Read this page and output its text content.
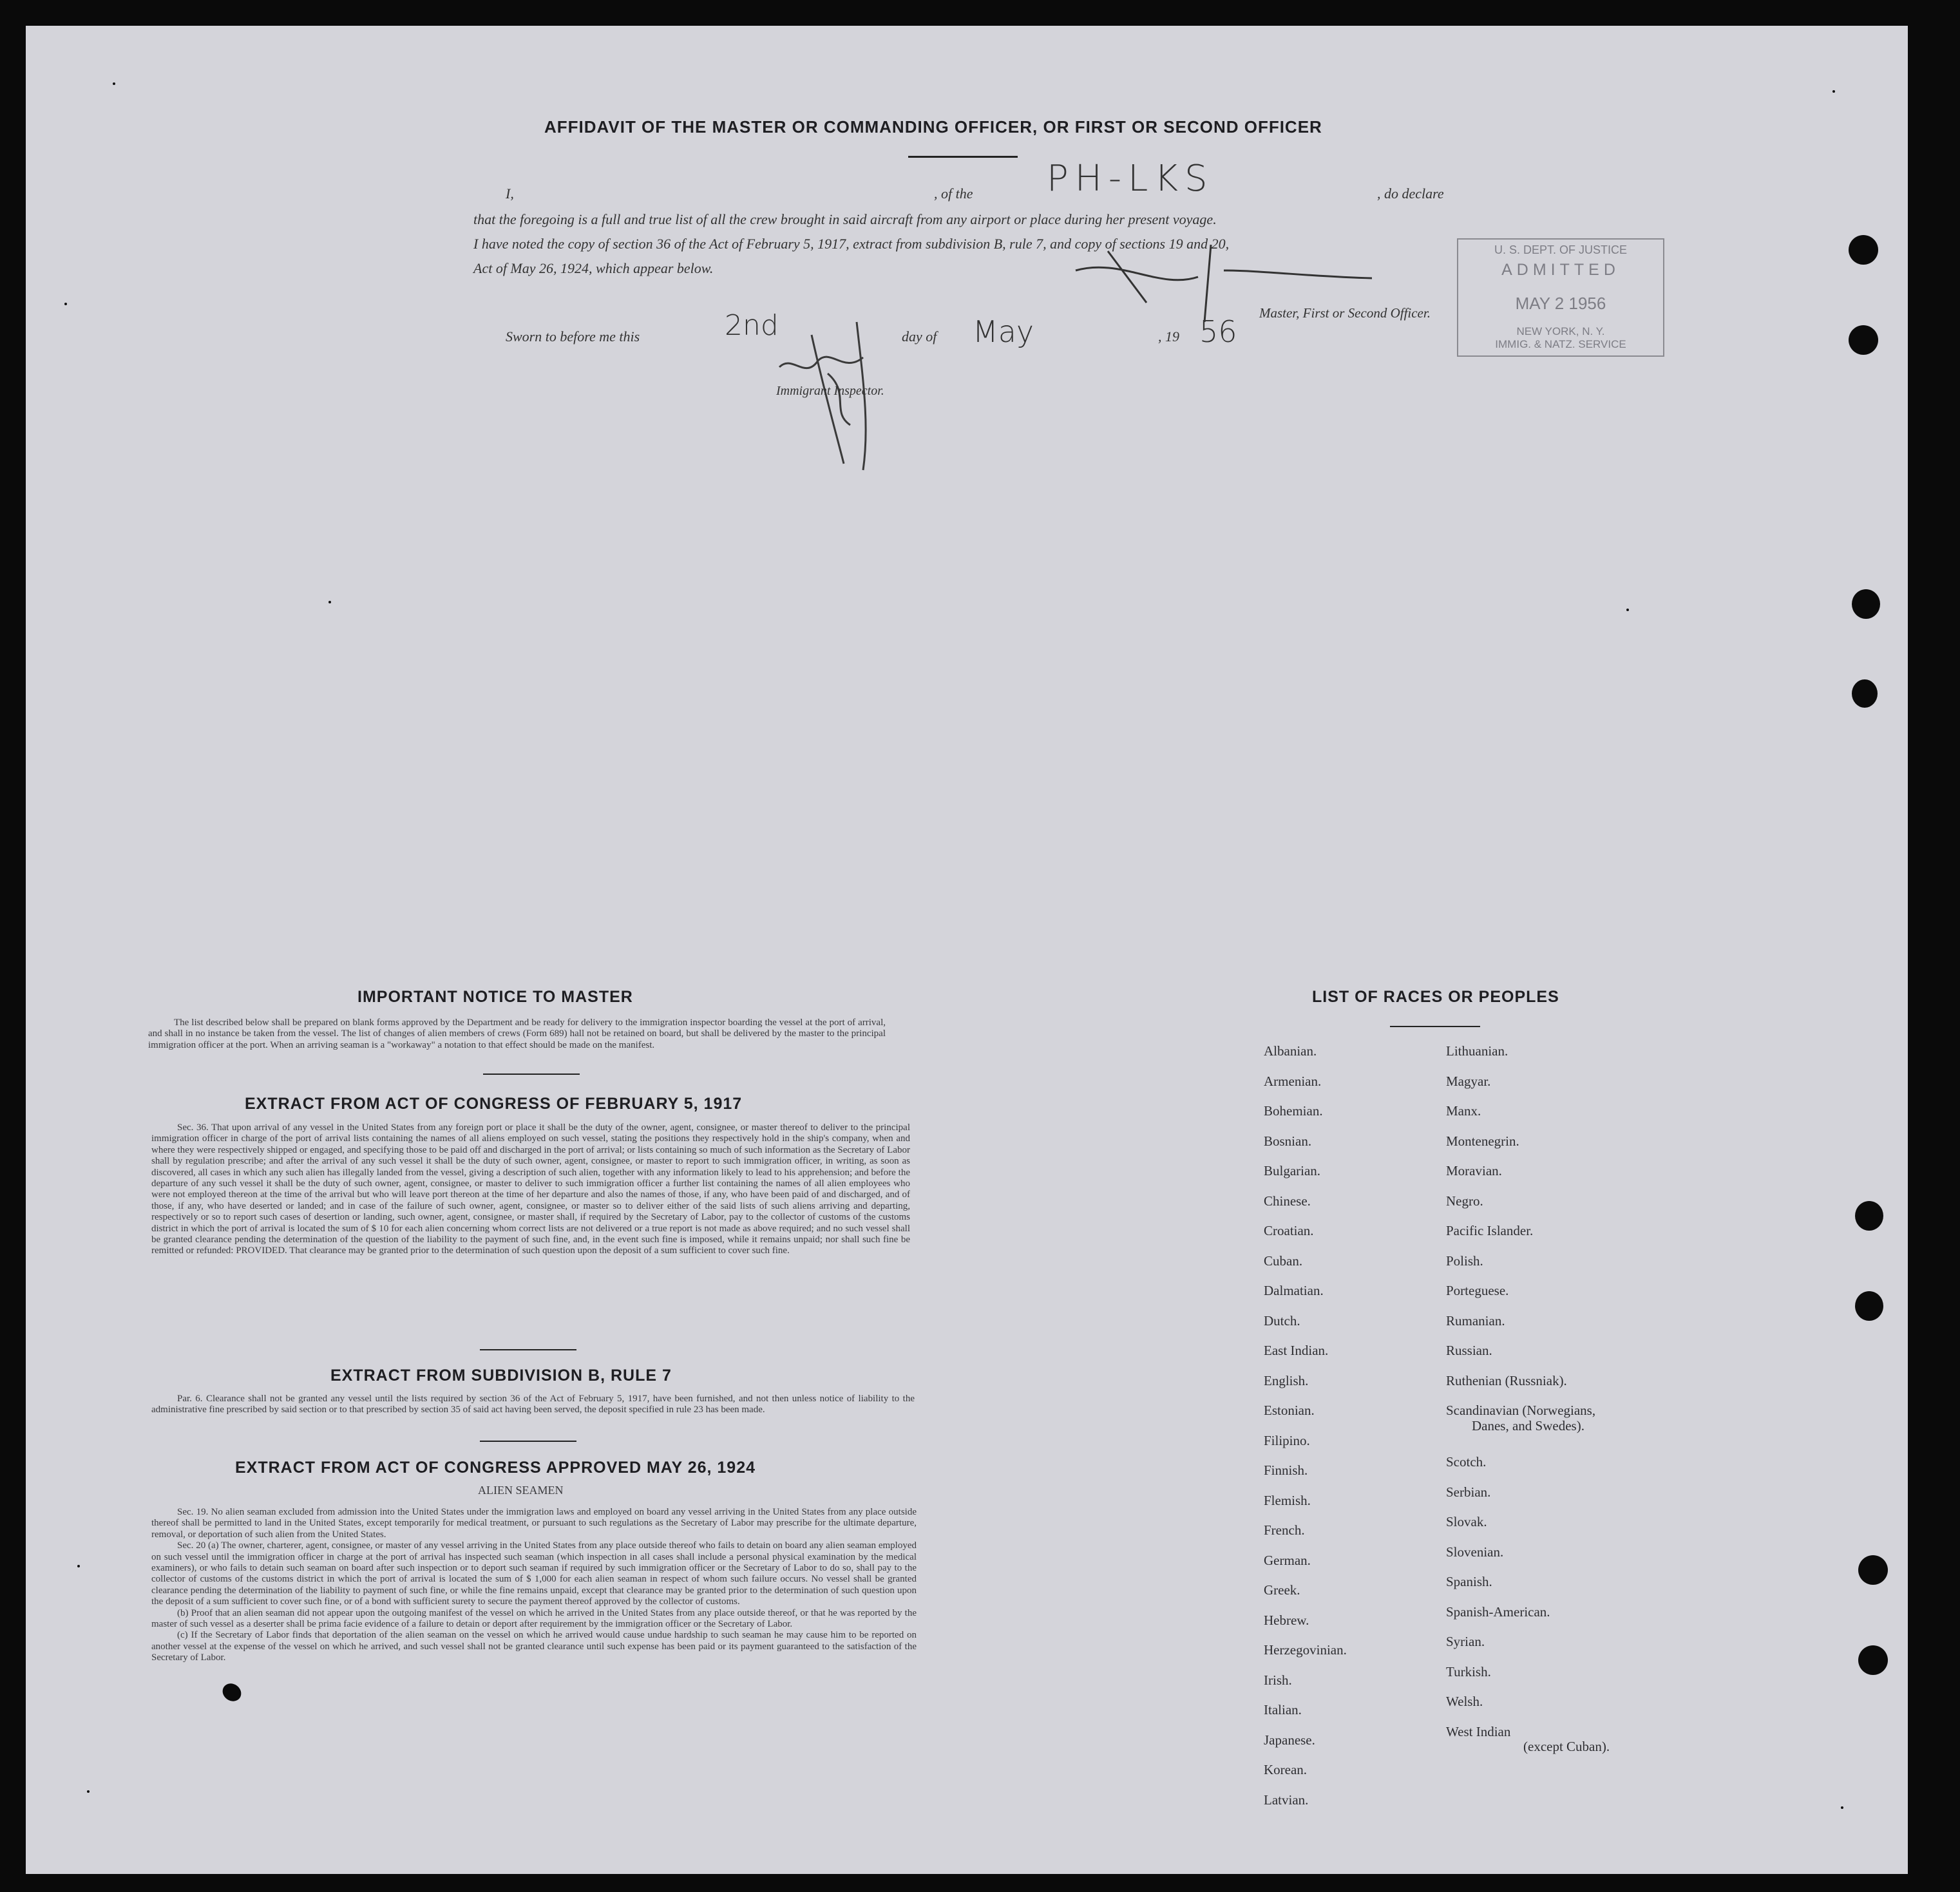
AFFIDAVIT OF THE MASTER OR COMMANDING OFFICER, OR FIRST OR SECOND OFFICER
I,	, of the PH-LKS	, do declare
that the foregoing is a full and true list of all the crew brought in said aircraft from any airport or place during her present voyage.
I have noted the copy of section 36 of the Act of February 5, 1917, extract from subdivision B, rule 7, and copy of sections 19 and 20,
Act of May 26, 1924, which appear below.
Master, First or Second Officer.
Sworn to before me this	2nd	day of May	, 19 56
Immigrant Inspector.
U. S. DEPT. OF JUSTICE
ADMITTED
MAY 2 1956
NEW YORK, N. Y.
IMMIG. & NATZ. SERVICE
IMPORTANT NOTICE TO MASTER

The list described below shall be prepared on blank forms approved by the Department and be ready for delivery to the immigration inspector boarding the vessel at the port of arrival, and shall in no instance be taken from the vessel. The list of changes of alien members of crews (Form 689) hall not be retained on board, but shall be delivered by the master to the principal immigration officer at the port. When an arriving seaman is a "workaway" a notation to that effect should be made on the manifest.

EXTRACT FROM ACT OF CONGRESS OF FEBRUARY 5, 1917

Sec. 36. That upon arrival of any vessel in the United States from any foreign port or place it shall be the duty of the owner, agent, consignee, or master thereof to deliver to the principal immigration officer in charge of the port of arrival lists containing the names of all aliens employed on such vessel, stating the positions they respectively hold in the ship's company, when and where they were respectively shipped or engaged, and specifying those to be paid off and discharged in the port of arrival; or lists containing so much of such information as the Secretary of Labor shall by regulation prescribe; and after the arrival of any such vessel it shall be the duty of such owner, agent, consignee, or master to report to such immigration officer, in writing, as soon as discovered, all cases in which any such alien has illegally landed from the vessel, giving a description of such alien, together with any information likely to lead to his apprehension; and before the departure of any such vessel it shall be the duty of such owner, agent, consignee, or master to deliver to such immigration officer a further list containing the names of all alien employees who were not employed thereon at the time of the arrival but who will leave port thereon at the time of her departure and also the names of those, if any, who have been paid of and discharged, and of those, if any, who have deserted or landed; and in case of the failure of such owner, agent, consignee, or master so to deliver either of the said lists of such aliens arriving and departing, respectively or so to report such cases of desertion or landing, such owner, agent, consignee, or master shall, if required by the Secretary of Labor, pay to the collector of customs of the customs district in which the port of arrival is located the sum of $ 10 for each alien concerning whom correct lists are not delivered or a true report is not made as above required; and no such vessel shall be granted clearance pending the determination of the question of the liability to the payment of such fine, and, in the event such fine is imposed, while it remains unpaid; nor shall such fine be remitted or refunded: PROVIDED. That clearance may be granted prior to the determination of such question upon the deposit of a sum sufficient to cover such fine.

EXTRACT FROM SUBDIVISION B, RULE 7

Par. 6. Clearance shall not be granted any vessel until the lists required by section 36 of the Act of February 5, 1917, have been furnished, and not then unless notice of liability to the administrative fine prescribed by said section or to that prescribed by section 35 of said act having been served, the deposit specified in rule 23 has been made.

EXTRACT FROM ACT OF CONGRESS APPROVED MAY 26, 1924
ALIEN SEAMEN

Sec. 19. No alien seaman excluded from admission into the United States under the immigration laws and employed on board any vessel arriving in the United States from any place outside thereof shall be permitted to land in the United States, except temporarily for medical treatment, or pursuant to such regulations as the Secretary of Labor may prescribe for the ultimate departure, removal, or deportation of such alien from the United States.

Sec. 20 (a) The owner, charterer, agent, consignee, or master of any vessel arriving in the United States from any place outside thereof who fails to detain on board any alien seaman employed on such vessel until the immigration officer in charge at the port of arrival has inspected such seaman (which inspection in all cases shall include a personal physical examination by the medical examiners), or who fails to detain such seaman on board after such inspection or to deport such seaman if required by such immigration officer or the Secretary of Labor to do so, shall pay to the collector of customs of the customs district in which the port of arrival is located the sum of $ 1,000 for each alien seaman in respect of whom such failure occurs. No vessel shall be granted clearance pending the determination of the liability to payment of such fine, or while the fine remains unpaid, except that clearance may be granted prior to the determination of such question upon the deposit of a sum sufficient to cover such fine, or of a bond with sufficient surety to secure the payment thereof approved by the collector of customs.

(b) Proof that an alien seaman did not appear upon the outgoing manifest of the vessel on which he arrived in the United States from any place outside thereof, or that he was reported by the master of such vessel as a deserter shall be prima facie evidence of a failure to detain or deport after requirement by the immigration officer or the Secretary of Labor.

(c) If the Secretary of Labor finds that deportation of the alien seaman on the vessel on which he arrived would cause undue hardship to such seaman he may cause him to be reported on another vessel at the expense of the vessel on which he arrived, and such vessel shall not be granted clearance until such expense has been paid or its payment guaranteed to the satisfaction of the Secretary of Labor.

LIST OF RACES OR PEOPLES
Albanian.
Armenian.
Bohemian.
Bosnian.
Bulgarian.
Chinese.
Croatian.
Cuban.
Dalmatian.
Dutch.
East Indian.
English.
Estonian.
Filipino.
Finnish.
Flemish.
French.
German.
Greek.
Hebrew.
Herzegovinian.
Irish.
Italian.
Japanese.
Korean.
Latvian.
Lithuanian.
Magyar.
Manx.
Montenegrin.
Moravian.
Negro.
Pacific Islander.
Polish.
Porteguese.
Rumanian.
Russian.
Ruthenian (Russniak).
Scandinavian (Norwegians,
Danes, and Swedes).
Scotch.
Serbian.
Slovak.
Slovenian.
Spanish.
Spanish-American.
Syrian.
Turkish.
Welsh.
West Indian
(except Cuban).
